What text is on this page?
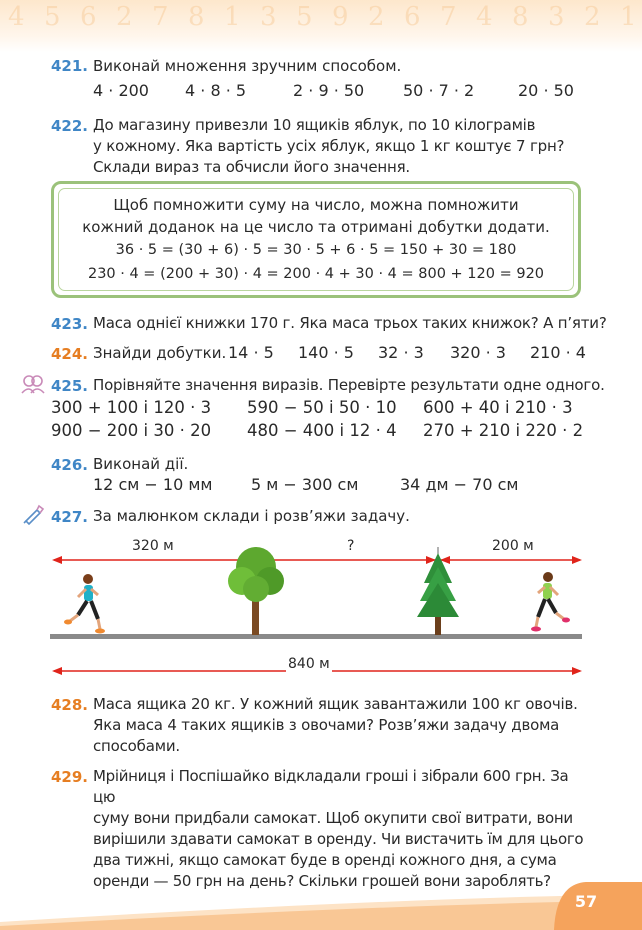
4 5 6 2 7 8 1 3 5 9 2 6 7 4 8 3 2 1
421. Виконай множення зручним способом.
4 · 200 4 · 8 · 5	2 · 9 · 50 50 · 7 · 2	20 · 50
422. До магазину привезли 10 ящиків яблук, по 10 кілограмів
у кожному. Яка вартість усіх яблук, якщо 1 кг коштує 7 грн?
Склади вираз та обчисли його значення.
Щоб помножити суму на число, можна помножити
кожний доданок на це число та отримані добутки додати.
36 · 5 = (30 + 6) · 5 = 30 · 5 + 6 · 5 = 150 + 30 = 180
230 · 4 = (200 + 30) · 4 = 200 · 4 + 30 · 4 = 800 + 120 = 920
423. Маса однієї книжки 170 г. Яка маса трьох таких книжок? А п’яти?
424. Знайди добутки. 14 · 5 140 · 5 32 · 3 320 · 3 210 · 4
425. Порівняйте значення виразів. Перевірте результати одне одного.
300 + 100 і 120 · 3 590 − 50 і 50 · 10 600 + 40 і 210 · 3
900 − 200 і 30 · 20 480 − 400 і 12 · 4 270 + 210 і 220 · 2
426. Виконай дії.
12 см − 10 мм 5 м − 300 см	34 дм − 70 см
427. За малюнком склади і розв’яжи задачу.
320 м	?	200 м
840 м
428. Маса ящика 20 кг. У кожний ящик завантажили 100 кг овочів.
Яка маса 4 таких ящиків з овочами? Розв’яжи задачу двома
способами.
429. Мрійниця і Поспішайко відкладали гроші і зібрали 600 грн. За цю
суму вони придбали самокат. Щоб окупити свої витрати, вони
вирішили здавати самокат в оренду. Чи вистачить їм для цього
два тижні, якщо самокат буде в оренді кожного дня, а сума
оренди — 50 грн на день? Скільки грошей вони зароблять?
57
